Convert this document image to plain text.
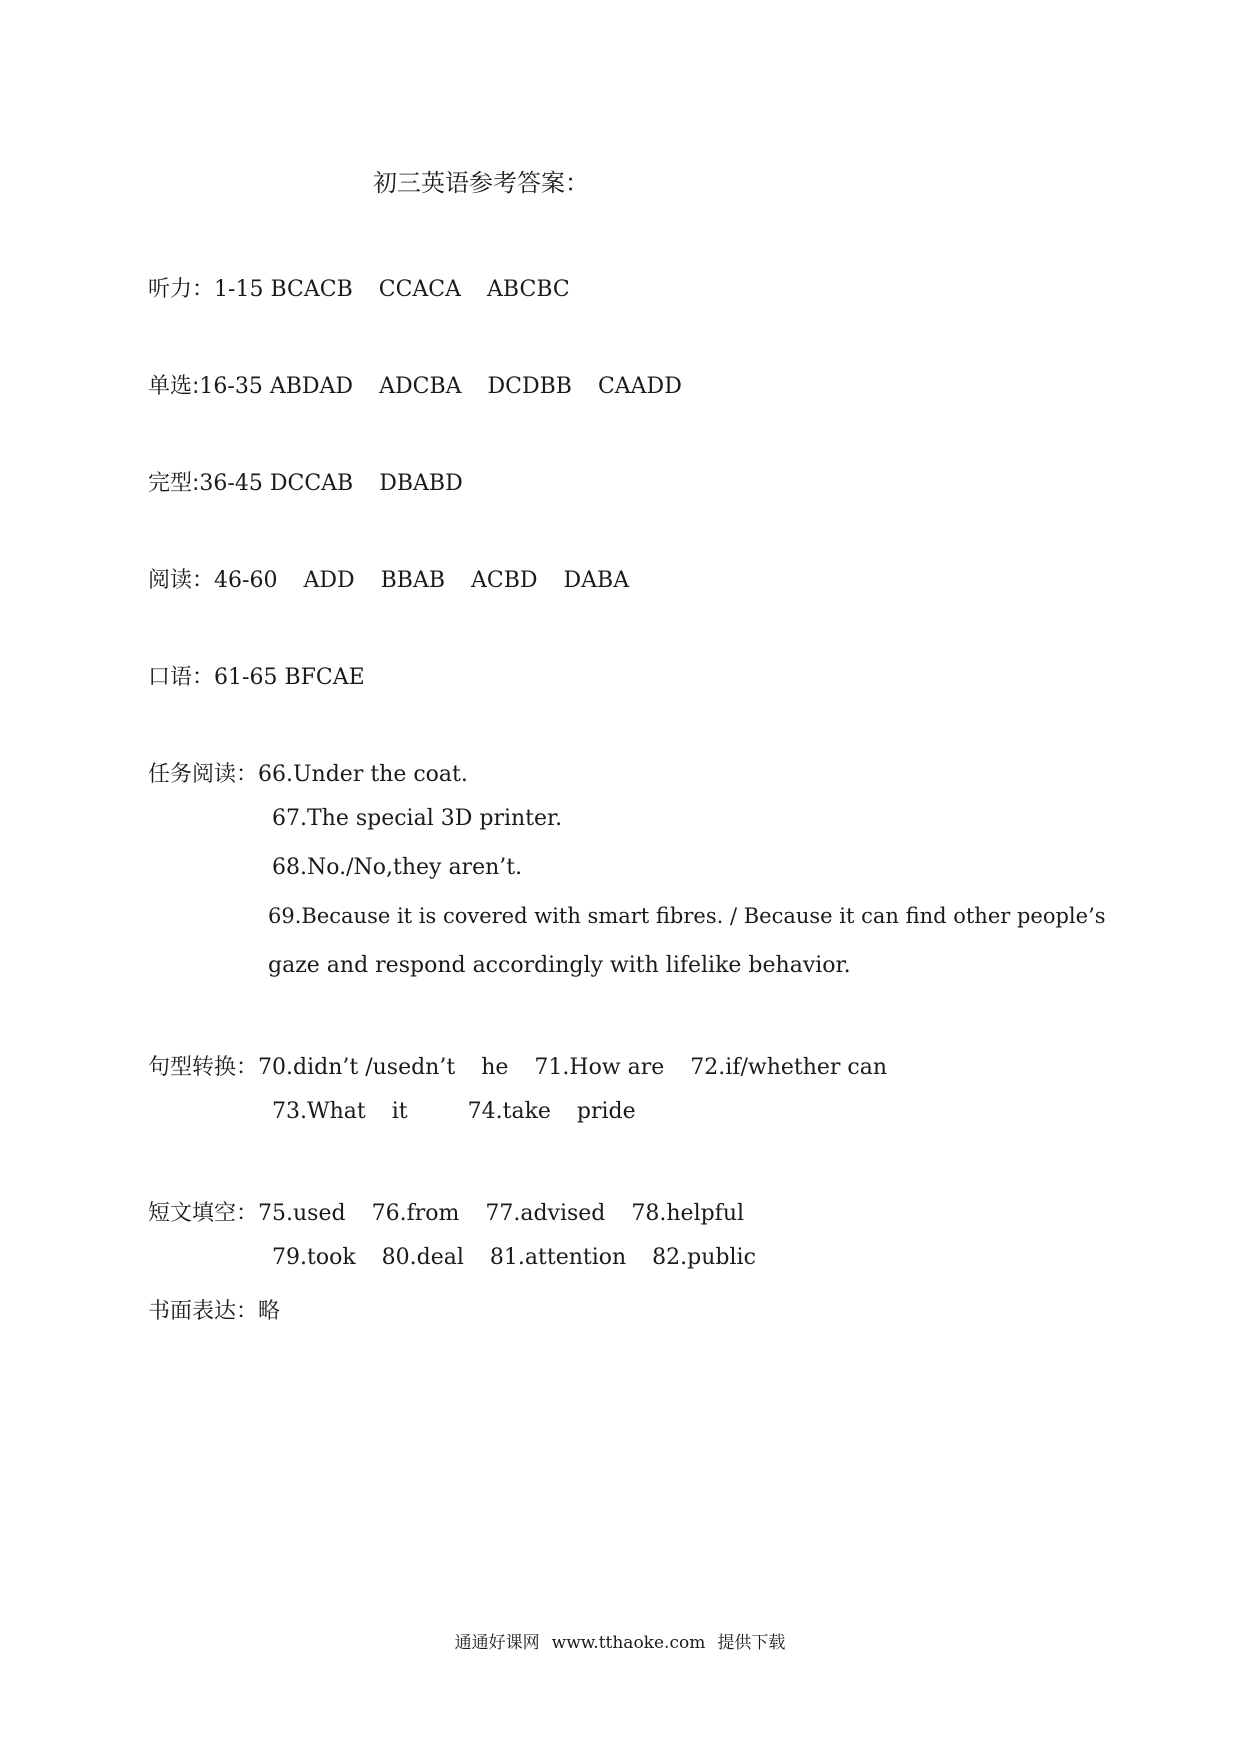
初三英语参考答案：
听力：1-15 BCACB CCACA ABCBC
单选:16-35 ABDAD ADCBA DCDBB CAADD
完型:36-45 DCCAB DBABD
阅读：46-60 ADD BBAB ACBD DABA
口语：61-65 BFCAE
任务阅读：66.Under the coat.
67.The special 3D printer.
68.No./No,they aren’t.
69.Because it is covered with smart fibres. / Because it can find other people’s
gaze and respond accordingly with lifelike behavior.
句型转换：70.didn’t /usedn’t he 71.How are 72.if/whether can
73.What it	74.take pride
短文填空：75.used 76.from 77.advised 78.helpful
79.took 80.deal 81.attention 82.public
书面表达：略
通通好课网 www.tthaoke.com 提供下载
